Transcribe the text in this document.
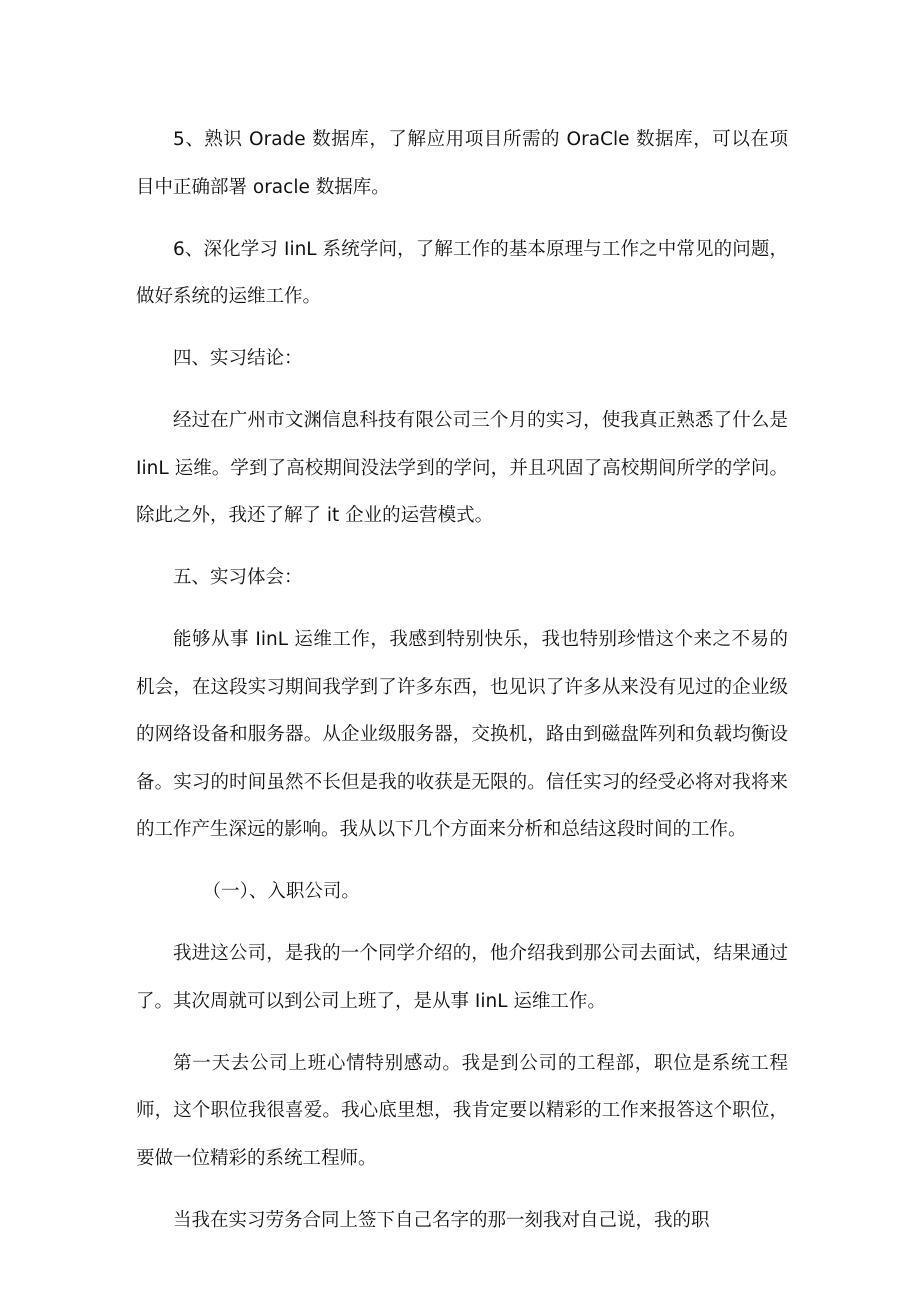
5、熟识 Orade 数据库，了解应用项目所需的 OraCle 数据库，可以在项目中正确部署 oracle 数据库。

6、深化学习 IinL 系统学问，了解工作的基本原理与工作之中常见的问题，做好系统的运维工作。

四、实习结论：

经过在广州市文渊信息科技有限公司三个月的实习，使我真正熟悉了什么是 IinL 运维。学到了高校期间没法学到的学问，并且巩固了高校期间所学的学问。除此之外，我还了解了 it 企业的运营模式。

五、实习体会：

能够从事 IinL 运维工作，我感到特别快乐，我也特别珍惜这个来之不易的机会，在这段实习期间我学到了许多东西，也见识了许多从来没有见过的企业级的网络设备和服务器。从企业级服务器，交换机，路由到磁盘阵列和负载均衡设备。实习的时间虽然不长但是我的收获是无限的。信任实习的经受必将对我将来的工作产生深远的影响。我从以下几个方面来分析和总结这段时间的工作。

（一）、入职公司。

我进这公司，是我的一个同学介绍的，他介绍我到那公司去面试，结果通过了。其次周就可以到公司上班了，是从事 IinL 运维工作。

第一天去公司上班心情特别感动。我是到公司的工程部，职位是系统工程师，这个职位我很喜爱。我心底里想，我肯定要以精彩的工作来报答这个职位，要做一位精彩的系统工程师。

当我在实习劳务合同上签下自己名字的那一刻我对自己说，我的职
